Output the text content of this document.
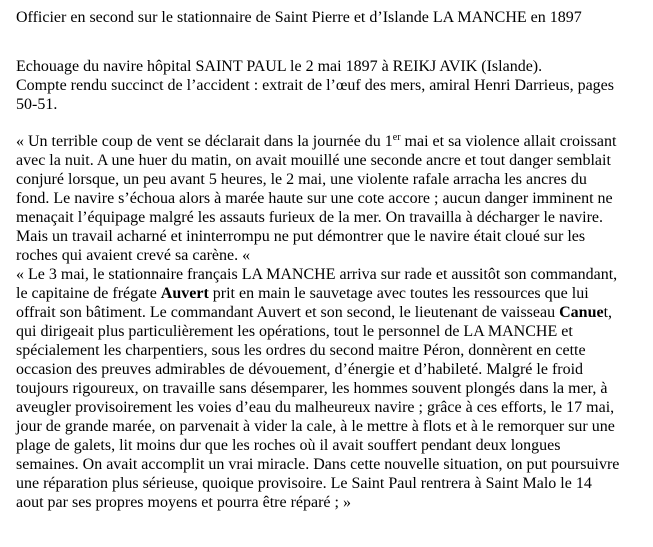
Officier en second sur le stationnaire de Saint Pierre et d’Islande LA MANCHE en 1897
Echouage du navire hôpital SAINT PAUL le 2 mai 1897 à REIKJ AVIK (Islande).
Compte rendu succinct de l’accident : extrait de l’œuf des mers, amiral Henri Darrieus, pages
50-51.
« Un terrible coup de vent se déclarait dans la journée du 1er mai et sa violence allait croissant
avec la nuit. A une huer du matin, on avait mouillé une seconde ancre et tout danger semblait
conjuré lorsque, un peu avant 5 heures, le 2 mai, une violente rafale arracha les ancres du
fond. Le navire s’échoua alors à marée haute sur une cote accore ; aucun danger imminent ne
menaçait l’équipage malgré les assauts furieux de la mer. On travailla à décharger le navire.
Mais un travail acharné et ininterrompu ne put démontrer que le navire était cloué sur les
roches qui avaient crevé sa carène. «
« Le 3 mai, le stationnaire français LA MANCHE arriva sur rade et aussitôt son commandant,
le capitaine de frégate Auvert prit en main le sauvetage avec toutes les ressources que lui
offrait son bâtiment. Le commandant Auvert et son second, le lieutenant de vaisseau Canuet,
qui dirigeait plus particulièrement les opérations, tout le personnel de LA MANCHE et
spécialement les charpentiers, sous les ordres du second maitre Péron, donnèrent en cette
occasion des preuves admirables de dévouement, d’énergie et d’habileté. Malgré le froid
toujours rigoureux, on travaille sans désemparer, les hommes souvent plongés dans la mer, à
aveugler provisoirement les voies d’eau du malheureux navire ; grâce à ces efforts, le 17 mai,
jour de grande marée, on parvenait à vider la cale, à le mettre à flots et à le remorquer sur une
plage de galets, lit moins dur que les roches où il avait souffert pendant deux longues
semaines. On avait accomplit un vrai miracle. Dans cette nouvelle situation, on put poursuivre
une réparation plus sérieuse, quoique provisoire. Le Saint Paul rentrera à Saint Malo le 14
aout par ses propres moyens et pourra être réparé ; »
